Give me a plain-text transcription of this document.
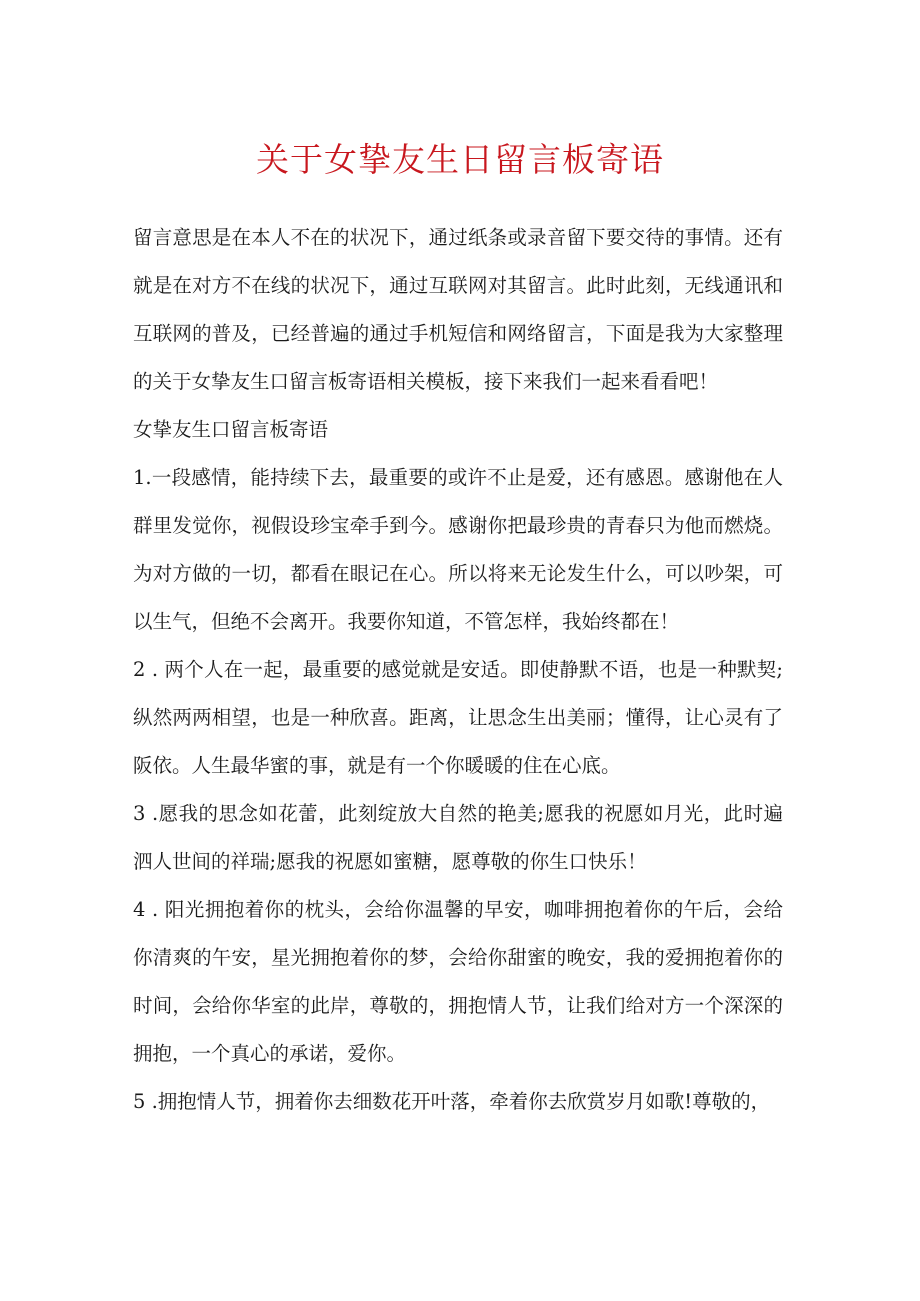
关于女挚友生日留言板寄语

留言意思是在本人不在的状况下，通过纸条或录音留下要交待的事情。还有就是在对方不在线的状况下，通过互联网对其留言。此时此刻，无线通讯和互联网的普及，已经普遍的通过手机短信和网络留言，下面是我为大家整理的关于女挚友生口留言板寄语相关模板，接下来我们一起来看看吧！

女挚友生口留言板寄语

1.一段感情，能持续下去，最重要的或许不止是爱，还有感恩。感谢他在人群里发觉你，视假设珍宝牵手到今。感谢你把最珍贵的青春只为他而燃烧。为对方做的一切，都看在眼记在心。所以将来无论发生什么，可以吵架，可以生气，但绝不会离开。我要你知道，不管怎样，我始终都在！

2 . 两个人在一起，最重要的感觉就是安适。即使静默不语，也是一种默契;纵然两两相望，也是一种欣喜。距离，让思念生出美丽；懂得，让心灵有了阪依。人生最华蜜的事，就是有一个你暖暖的住在心底。

3 .愿我的思念如花蕾，此刻绽放大自然的艳美;愿我的祝愿如月光，此时遍泗人世间的祥瑞;愿我的祝愿如蜜糖，愿尊敬的你生口快乐！

4 . 阳光拥抱着你的枕头，会给你温馨的早安，咖啡拥抱着你的午后，会给你清爽的午安，星光拥抱着你的梦，会给你甜蜜的晚安，我的爱拥抱着你的时间，会给你华室的此岸，尊敬的，拥抱情人节，让我们给对方一个深深的拥抱，一个真心的承诺，爱你。

5 .拥抱情人节，拥着你去细数花开叶落，牵着你去欣赏岁月如歌!尊敬的，
